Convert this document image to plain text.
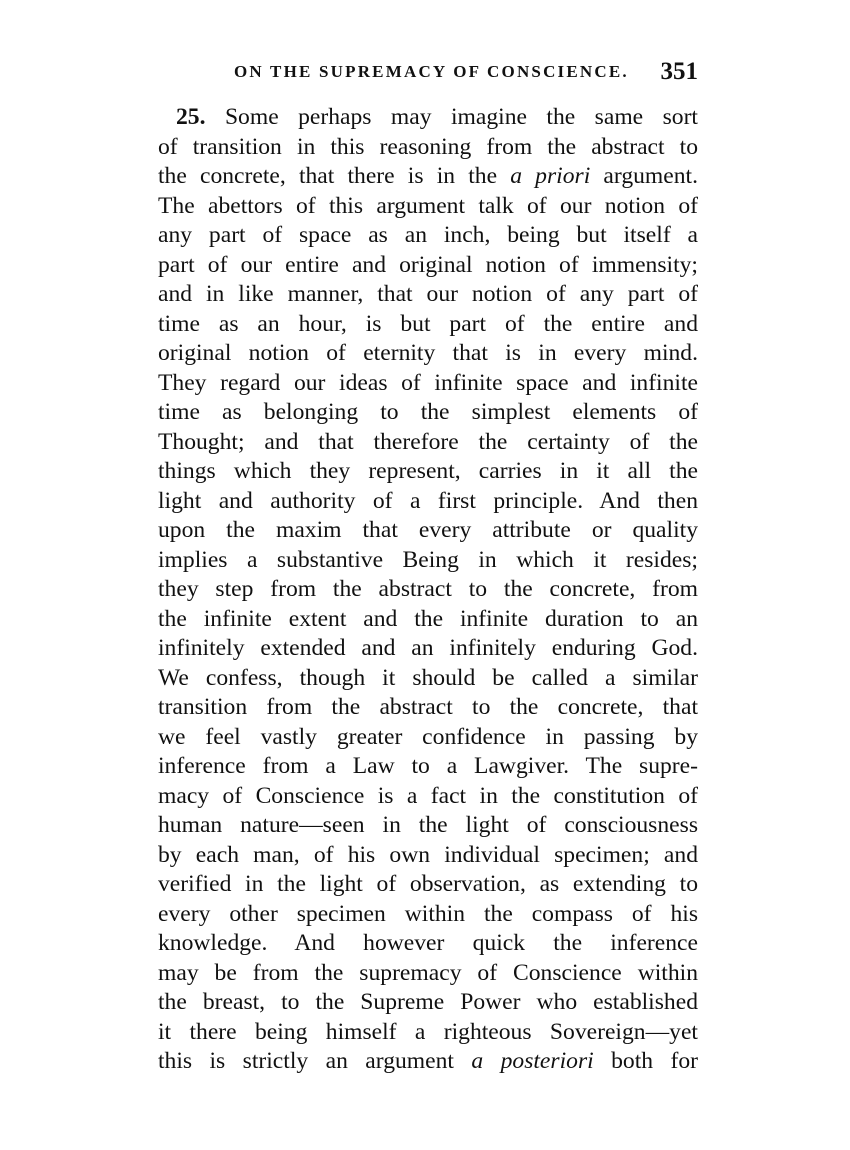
ON THE SUPREMACY OF CONSCIENCE. 351
25. Some perhaps may imagine the same sort
of transition in this reasoning from the abstract to
the concrete, that there is in the a priori argument.
The abettors of this argument talk of our notion of
any part of space as an inch, being but itself a
part of our entire and original notion of immensity;
and in like manner, that our notion of any part of
time as an hour, is but part of the entire and
original notion of eternity that is in every mind.
They regard our ideas of infinite space and infinite
time as belonging to the simplest elements of
Thought; and that therefore the certainty of the
things which they represent, carries in it all the
light and authority of a first principle. And then
upon the maxim that every attribute or quality
implies a substantive Being in which it resides;
they step from the abstract to the concrete, from
the infinite extent and the infinite duration to an
infinitely extended and an infinitely enduring God.
We confess, though it should be called a similar
transition from the abstract to the concrete, that
we feel vastly greater confidence in passing by
inference from a Law to a Lawgiver. The supre-
macy of Conscience is a fact in the constitution of
human nature—seen in the light of consciousness
by each man, of his own individual specimen; and
verified in the light of observation, as extending to
every other specimen within the compass of his
knowledge. And however quick the inference
may be from the supremacy of Conscience within
the breast, to the Supreme Power who established
it there being himself a righteous Sovereign—yet
this is strictly an argument a posteriori both for
